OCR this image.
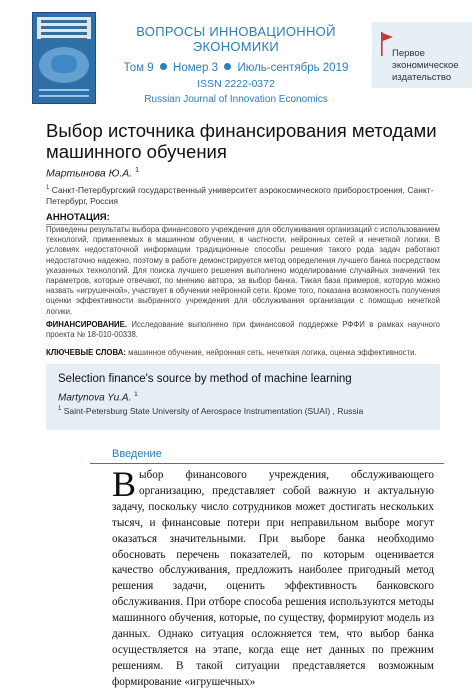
ВОПРОСЫ ИННОВАЦИОННОЙ ЭКОНОМИКИ
Том 9 Номер 3 Июль-сентябрь 2019
ISSN 2222-0372
Russian Journal of Innovation Economics
Первое
экономическое
издательство
Выбор источника финансирования методами машинного обучения
Мартынова Ю.А. $^1$
$^1$ Санкт-Петербургский государственный университет аэрокосмического приборостроения, Санкт-Петербург, Россия
АННОТАЦИЯ:
Приведены результаты выбора финансового учреждения для обслуживания организаций с использованием технологий, применяемых в машинном обучении, в частности, нейронных сетей и нечеткой логики. В условиях недостаточной информации традиционные способы решения такого рода задач работают недостаточно надежно, поэтому в работе демонстрируется метод определения лучшего банка посредством указанных технологий. Для поиска лучшего решения выполнено моделирование случайных значений тех параметров, которые отвечают, по мнению автора, за выбор банка. Такая база примеров, которую можно назвать «игрушечной», участвует в обучении нейронной сети. Кроме того, показана возможность получения оценки эффективности выбранного учреждения для обслуживания организации с помощью нечеткой логики.
ФИНАНСИРОВАНИЕ. Исследование выполнено при финансовой поддержке РФФИ в рамках научного проекта № 18-010-00338.
КЛЮЧЕВЫЕ СЛОВА: машинное обучение, нейронная сеть, нечеткая логика, оценка эффективности.
Selection finance's source by method of machine learning
Martynova Yu.A. $^1$
$^1$ Saint-Petersburg State University of Aerospace Instrumentation (SUAI) , Russia
Введение
В ыбор финансового учреждения, обслуживающего организацию, представляет собой важную и актуальную задачу, поскольку число сотрудников может достигать нескольких тысяч, и финансовые потери при неправильном выборе могут оказаться значительными. При выборе банка необходимо обосновать перечень показателей, по которым оценивается качество обслуживания, предложить наиболее пригодный метод решения задачи, оценить эффективность банковского обслуживания. При отборе способа решения используются методы машинного обучения, которые, по существу, формируют модель из данных. Однако ситуация осложняется тем, что выбор банка осуществляется на этапе, когда еще нет данных по прежним решениям. В такой ситуации представляется возможным формирование «игрушечных»
